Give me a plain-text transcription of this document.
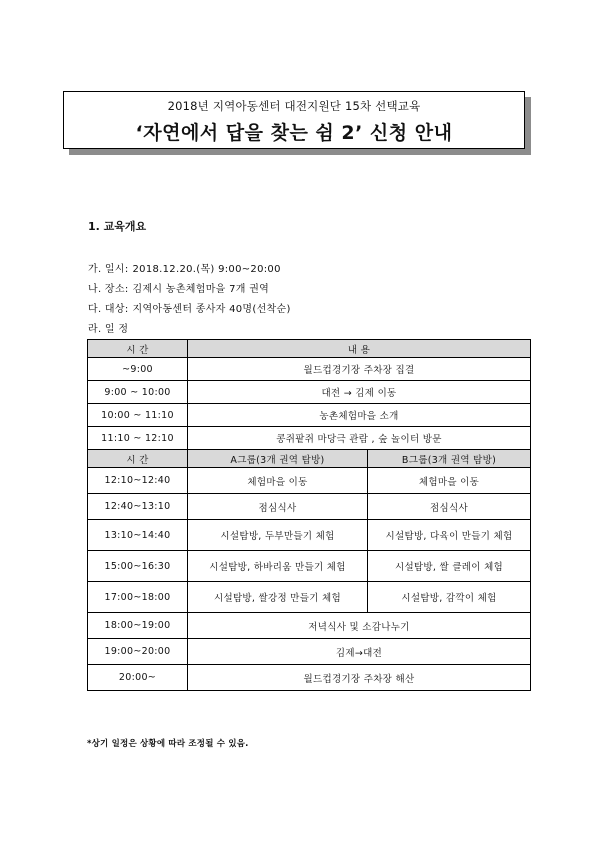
2018년 지역아동센터 대전지원단 15차 선택교육
‘자연에서 답을 찾는 쉼 2’ 신청 안내
1. 교육개요
가. 일시: 2018.12.20.(목) 9:00~20:00
나. 장소: 김제시 농촌체험마을 7개 권역
다. 대상: 지역아동센터 종사자 40명(선착순)
라. 일 정
시 간	내 용	
~9:00	월드컵경기장 주차장 집결	
9:00 ~ 10:00	대전 → 김제 이동	
10:00 ~ 11:10	농촌체험마을 소개	
11:10 ~ 12:10	콩쥐팥쥐 마당극 관람 , 숲 놀이터 방문	
시 간	A그룹(3개 권역 탐방)	B그룹(3개 권역 탐방)
12:10~12:40	체험마을 이동	체험마을 이동
12:40~13:10	점심식사	점심식사
13:10~14:40	시설탐방, 두부만들기 체험	시설탐방, 다육이 만들기 체험
15:00~16:30	시설탐방, 하바리움 만들기 체험	시설탐방, 쌀 클레이 체험
17:00~18:00	시설탐방, 쌀강정 만들기 체험	시설탐방, 감깍이 체험
18:00~19:00	저녁식사 및 소감나누기	
19:00~20:00	김제→대전	
20:00~	월드컵경기장 주차장 해산	
*상기 일정은 상황에 따라 조정될 수 있음.
